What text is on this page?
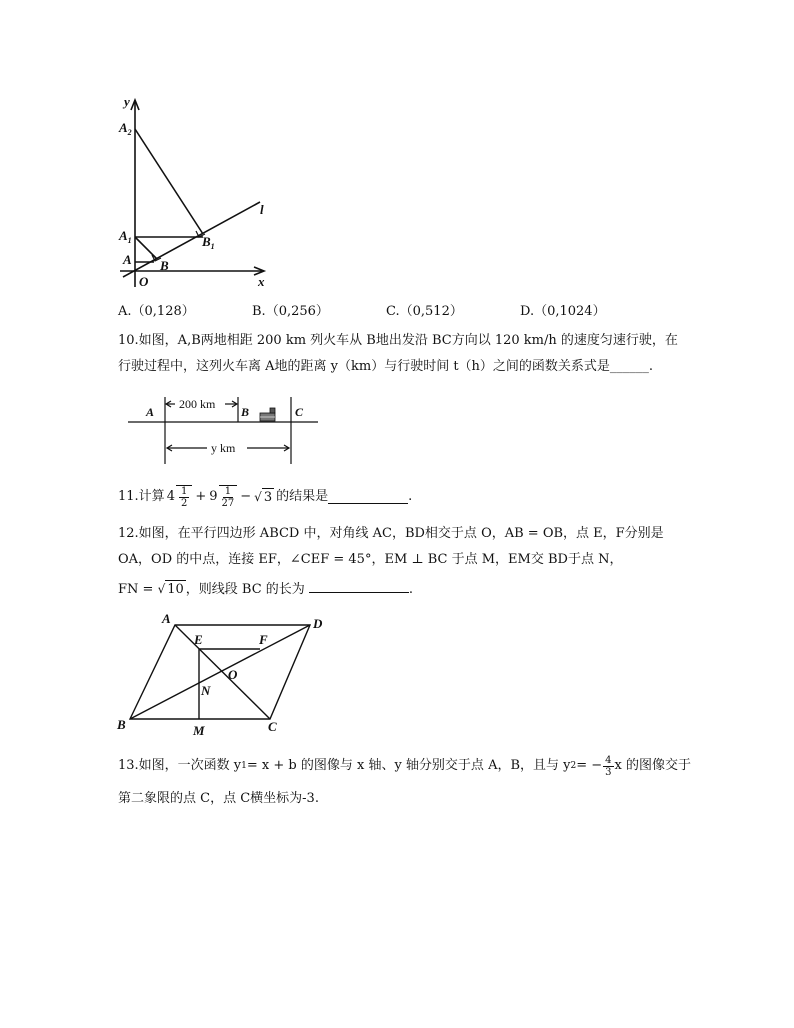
y
$A_2$
l
$A_1$	$B_1$
A B
O	x
A.（0,128）	B.（0,256）	C.（0,512）	D.（0,1024）
10.如图，A,B两地相距 200 km 列火车从 B地出发沿 BC方向以 120 km/h 的速度匀速行驶，在
行驶过程中，这列火车离 A地的距离 y（km）与行驶时间 t（h）之间的函数关系式是______.
A
200 km
B	C
y km
11.计算 $4 \frac{1}{2} + 9 \frac{1}{27}$ − √ 3 的结果是	.
12.如图，在平行四边形 ABCD 中，对角线 AC，BD相交于点 O，AB = OB，点 E，F分别是
OA，OD 的中点，连接 EF，∠CEF = 45°，EM ⊥ BC 于点 M，EM交 BD于点 N，
FN = √ 10 ，则线段 BC 的长为	.
A	D
E	F
O
N
B	M	C
13.如图，一次函数 y 1 = x + b 的图像与 x 轴、y 轴分别交于点 A，B，且与 y 2 = − $\frac{4}{3}$ x 的图像交于
第二象限的点 C，点 C横坐标为-3.
